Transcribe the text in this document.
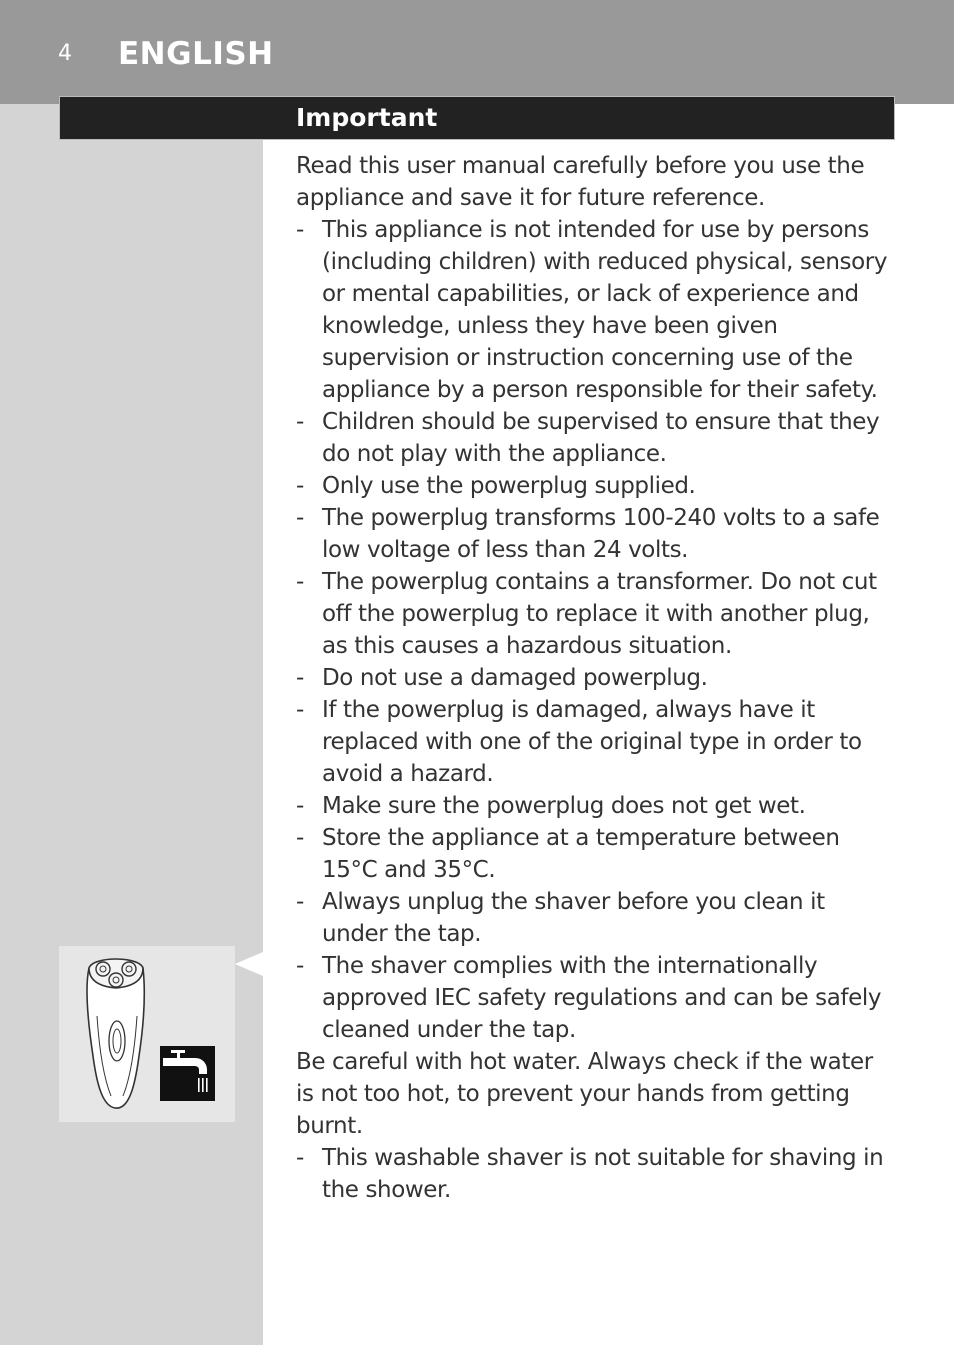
4 ENGLISH
Important

Read this user manual carefully before you use the appliance and save it for future reference.

- This appliance is not intended for use by persons (including children) with reduced physical, sensory or mental capabilities, or lack of experience and knowledge, unless they have been given supervision or instruction concerning use of the appliance by a person responsible for their safety.
- Children should be supervised to ensure that they do not play with the appliance.
- Only use the powerplug supplied.
- The powerplug transforms 100-240 volts to a safe low voltage of less than 24 volts.
- The powerplug contains a transformer. Do not cut off the powerplug to replace it with another plug, as this causes a hazardous situation.
- Do not use a damaged powerplug.
- If the powerplug is damaged, always have it replaced with one of the original type in order to avoid a hazard.
- Make sure the powerplug does not get wet.
- Store the appliance at a temperature between 15°C and 35°C.
- Always unplug the shaver before you clean it under the tap.
- The shaver complies with the internationally approved IEC safety regulations and can be safely cleaned under the tap.

Be careful with hot water. Always check if the water is not too hot, to prevent your hands from getting burnt.

- This washable shaver is not suitable for shaving in the shower.
